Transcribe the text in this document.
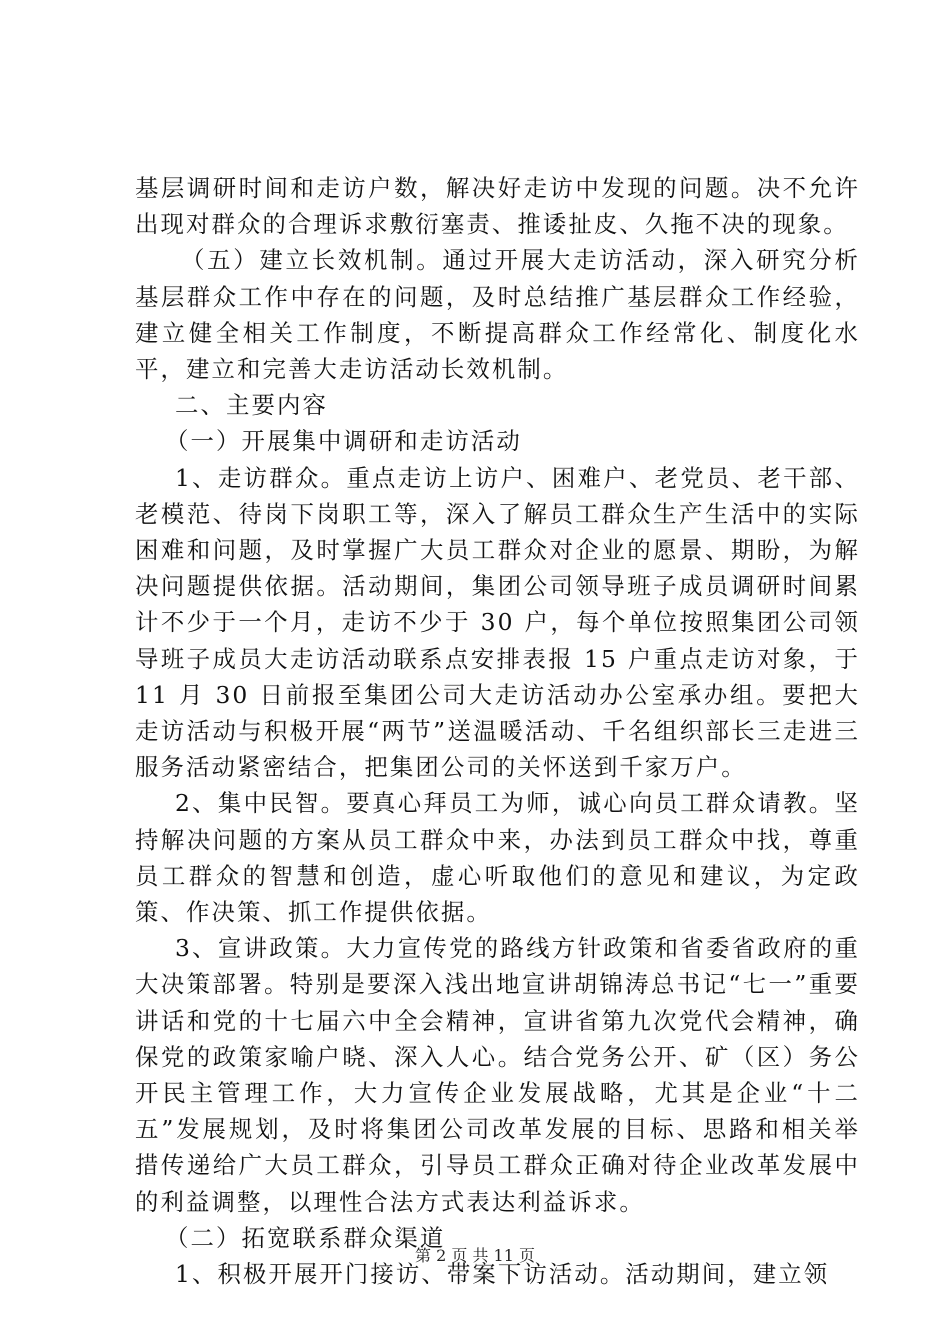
基层调研时间和走访户数，解决好走访中发现的问题。决不允许出现对群众的合理诉求敷衍塞责、推诿扯皮、久拖不决的现象。

（五）建立长效机制。通过开展大走访活动，深入研究分析基层群众工作中存在的问题，及时总结推广基层群众工作经验，建立健全相关工作制度，不断提高群众工作经常化、制度化水平，建立和完善大走访活动长效机制。

二、主要内容

（一）开展集中调研和走访活动

1、走访群众。重点走访上访户、困难户、老党员、老干部、老模范、待岗下岗职工等，深入了解员工群众生产生活中的实际困难和问题，及时掌握广大员工群众对企业的愿景、期盼，为解决问题提供依据。活动期间，集团公司领导班子成员调研时间累计不少于一个月，走访不少于 30 户，每个单位按照集团公司领导班子成员大走访活动联系点安排表报 15 户重点走访对象，于 11 月 30 日前报至集团公司大走访活动办公室承办组。要把大走访活动与积极开展“两节”送温暖活动、千名组织部长三走进三服务活动紧密结合，把集团公司的关怀送到千家万户。

2、集中民智。要真心拜员工为师，诚心向员工群众请教。坚持解决问题的方案从员工群众中来，办法到员工群众中找，尊重员工群众的智慧和创造，虚心听取他们的意见和建议，为定政策、作决策、抓工作提供依据。

3、宣讲政策。大力宣传党的路线方针政策和省委省政府的重大决策部署。特别是要深入浅出地宣讲胡锦涛总书记“七一”重要讲话和党的十七届六中全会精神，宣讲省第九次党代会精神，确保党的政策家喻户晓、深入人心。结合党务公开、矿（区）务公开民主管理工作，大力宣传企业发展战略，尤其是企业“十二五”发展规划，及时将集团公司改革发展的目标、思路和相关举措传递给广大员工群众，引导员工群众正确对待企业改革发展中的利益调整，以理性合法方式表达利益诉求。

（二）拓宽联系群众渠道

1、积极开展开门接访、带案下访活动。活动期间，建立领

第 2 页 共 11 页
